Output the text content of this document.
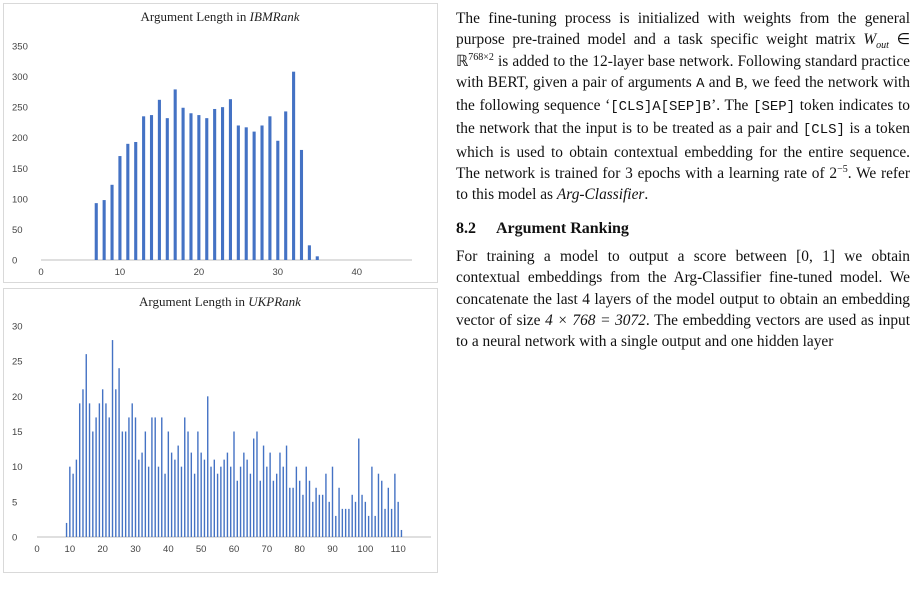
Argument Length in IBMRank
0
50
100
150
200
250
300
350
0	10	20	30	40
Argument Length in UKPRank
0
5
10
15
20
25
30
0	10 20 30 40 50 60 70 80 90 100 110

The fine-tuning process is initialized with weights from the general purpose pre-trained model and a task specific weight matrix $W_{out}$ ∈ ℝ$^{768\times 2}$ is added to the 12-layer base network. Following standard practice with BERT, given a pair of arguments A and B, we feed the network with the following sequence ‘[CLS]A[SEP]B’. The [SEP] token indicates to the network that the input is to be treated as a pair and [CLS] is a token which is used to obtain contextual embedding for the entire sequence. The network is trained for 3 epochs with a learning rate of $2^{-5}$. We refer to this model as Arg-Classifier.

8.2 Argument Ranking

For training a model to output a score between [0, 1] we obtain contextual embeddings from the Arg-Classifier fine-tuned model. We concatenate the last 4 layers of the model output to obtain an embedding vector of size 4 × 768 = 3072. The embedding vectors are used as input to a neural network with a single output and one hidden layer
